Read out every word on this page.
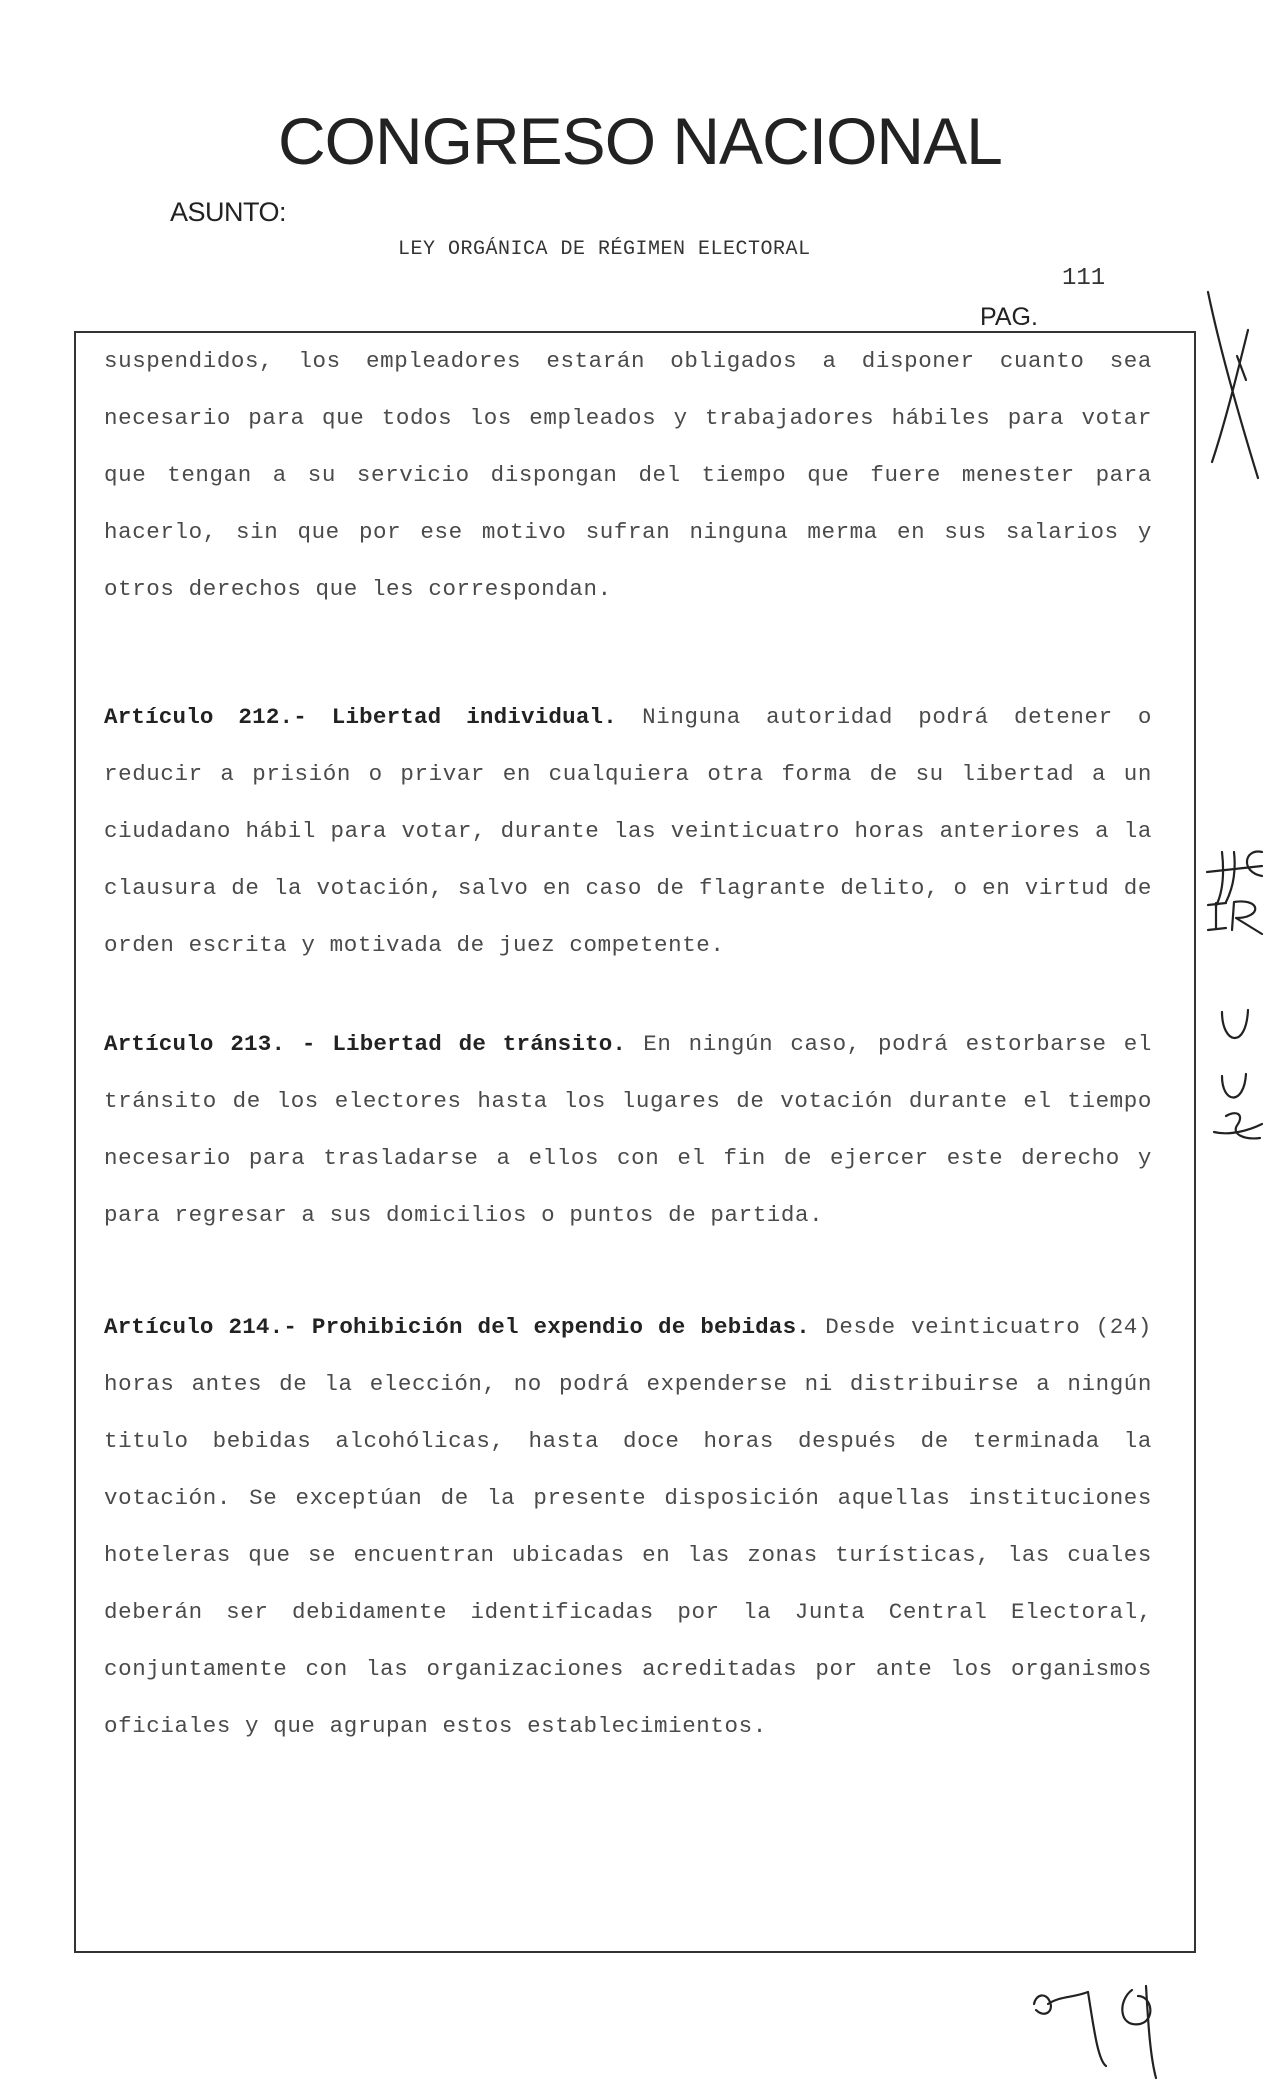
CONGRESO NACIONAL
ASUNTO:
LEY ORGÁNICA DE RÉGIMEN ELECTORAL
111
PAG.
suspendidos, los empleadores estarán obligados a disponer cuanto sea necesario para que todos los empleados y trabajadores hábiles para votar que tengan a su servicio dispongan del tiempo que fuere menester para hacerlo, sin que por ese motivo sufran ninguna merma en sus salarios y otros derechos que les correspondan.
Artículo 212.- Libertad individual. Ninguna autoridad podrá detener o reducir a prisión o privar en cualquiera otra forma de su libertad a un ciudadano hábil para votar, durante las veinticuatro horas anteriores a la clausura de la votación, salvo en caso de flagrante delito, o en virtud de orden escrita y motivada de juez competente.
Artículo 213. - Libertad de tránsito. En ningún caso, podrá estorbarse el tránsito de los electores hasta los lugares de votación durante el tiempo necesario para trasladarse a ellos con el fin de ejercer este derecho y para regresar a sus domicilios o puntos de partida.
Artículo 214.- Prohibición del expendio de bebidas. Desde veinticuatro (24) horas antes de la elección, no podrá expenderse ni distribuirse a ningún titulo bebidas alcohólicas, hasta doce horas después de terminada la votación. Se exceptúan de la presente disposición aquellas instituciones hoteleras que se encuentran ubicadas en las zonas turísticas, las cuales deberán ser debidamente identificadas por la Junta Central Electoral, conjuntamente con las organizaciones acreditadas por ante los organismos oficiales y que agrupan estos establecimientos.
